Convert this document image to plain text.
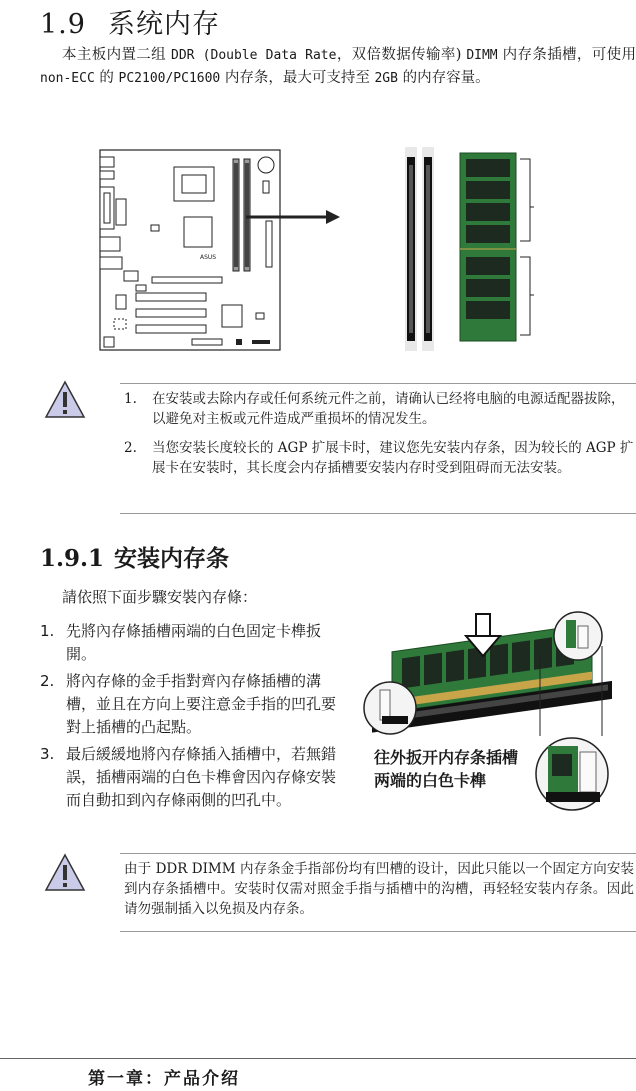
1.9 系统内存
本主板内置二组 DDR (Double Data Rate，双倍数据传输率) DIMM 内存条插槽，可使用 non-ECC 的 PC2100/PC1600 内存条，最大可支持至 2GB 的内存容量。
ASUS
1.	在安装或去除内存或任何系统元件之前，请确认已经将电脑的电源适配器拔除，以避免对主板或元件造成严重损坏的情况发生。
2.	当您安装长度较长的 AGP 扩展卡时，建议您先安装内存条，因为较长的 AGP 扩展卡在安装时，其长度会内存插槽要安装内存时受到阻碍而无法安装。
1.9.1 安装内存条
請依照下面步驟安裝內存條：
1. 先將內存條插槽兩端的白色固定卡榫扳開。
2. 將內存條的金手指對齊內存條插槽的溝槽，並且在方向上要注意金手指的凹孔要對上插槽的凸起點。
3. 最后緩緩地將內存條插入插槽中，若無錯誤，插槽兩端的白色卡榫會因內存條安裝而自動扣到內存條兩側的凹孔中。
往外扳开内存条插槽两端的白色卡榫
由于 DDR DIMM 内存条金手指部份均有凹槽的设计，因此只能以一个固定方向安装到内存条插槽中。安装时仅需对照金手指与插槽中的沟槽，再轻轻安装内存条。因此请勿强制插入以免损及内存条。
第一章：产品介绍
